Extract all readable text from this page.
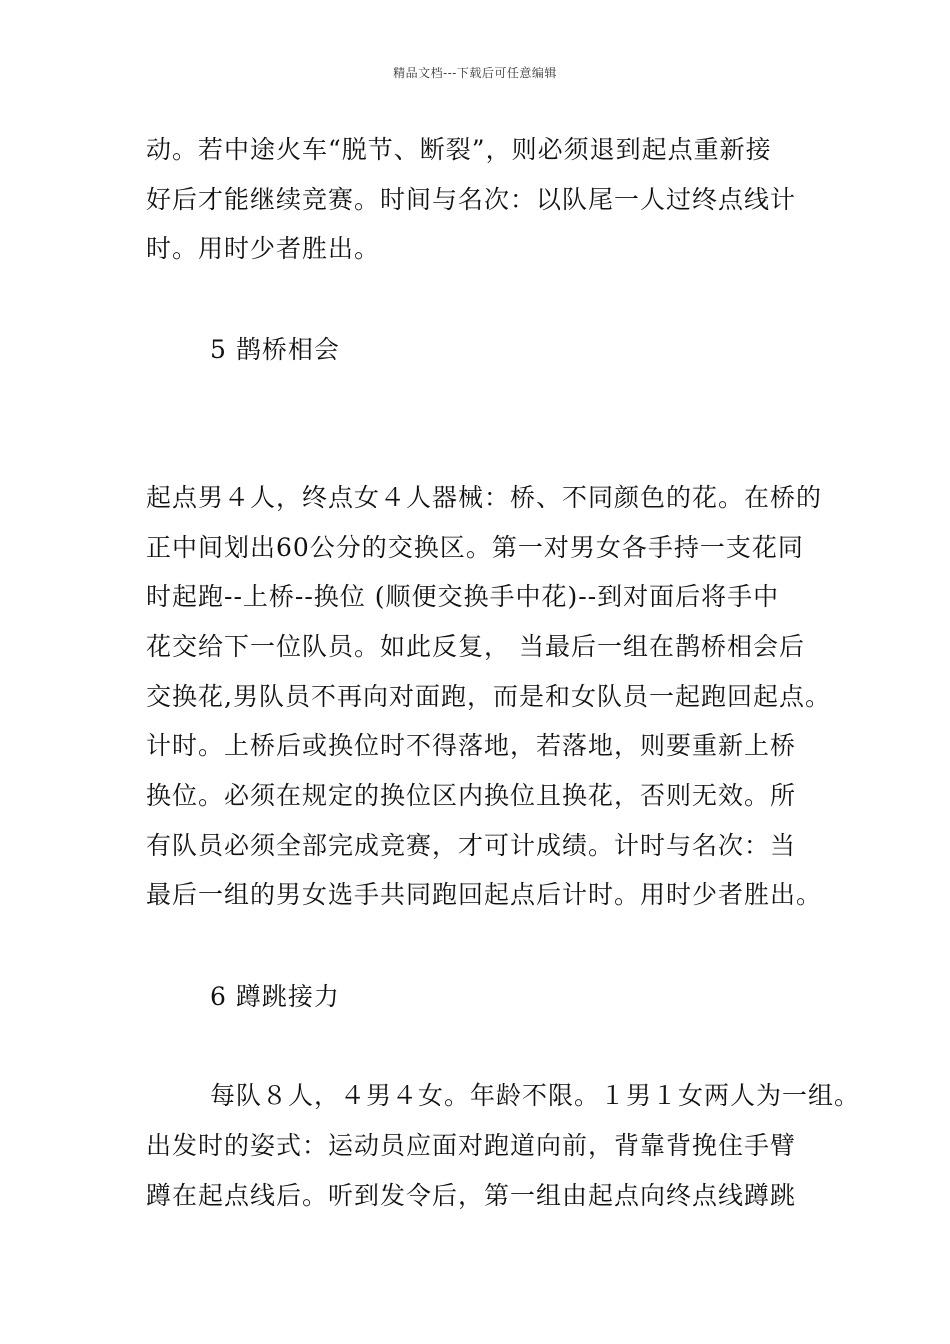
精品文档---下载后可任意编辑
动。若中途火车“脱节、断裂”，则必须退到起点重新接
好后才能继续竞赛。时间与名次：以队尾一人过终点线计
时。用时少者胜出。
5 鹊桥相会
起点男４人，终点女４人器械：桥、不同颜色的花。在桥的
正中间划出60公分的交换区。第一对男女各手持一支花同
时起跑--上桥--换位 (顺便交换手中花)--到对面后将手中
花交给下一位队员。如此反复， 当最后一组在鹊桥相会后
交换花,男队员不再向对面跑，而是和女队员一起跑回起点。
计时。上桥后或换位时不得落地，若落地，则要重新上桥
换位。必须在规定的换位区内换位且换花，否则无效。所
有队员必须全部完成竞赛，才可计成绩。计时与名次：当
最后一组的男女选手共同跑回起点后计时。用时少者胜出。
6 蹲跳接力
每队８人，４男４女。年龄不限。１男１女两人为一组。
出发时的姿式：运动员应面对跑道向前，背靠背挽住手臂
蹲在起点线后。听到发令后，第一组由起点向终点线蹲跳
